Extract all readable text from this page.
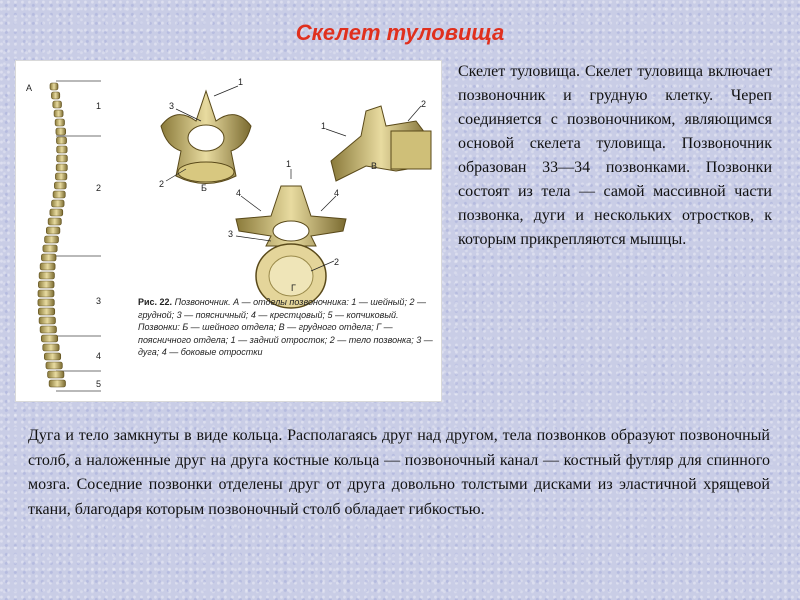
Скелет туловища
А
1
2
3
4
5
1
3
2	Б
1
2
В
1
4	4
3
2
Г
Рис. 22. Позвоночник. А — отделы позвоночника: 1 — шейный; 2 — грудной; 3 — поясничный; 4 — крестцовый; 5 — копчиковый. Позвонки: Б — шейного отдела; В — грудного отдела; Г — поясничного отдела; 1 — задний отросток; 2 — тело позвонка; 3 — дуга; 4 — боковые отростки
Скелет туловища. Скелет туловища включает позвоночник и грудную клетку. Череп соединяется с позвоночником, являющимся основой скелета туловища. Позвоночник образован 33—34 позвонками. Позвонки состоят из тела — самой массивной части позвонка, дуги и нескольких отростков, к которым прикрепляются мышцы.
Дуга и тело замкнуты в виде кольца. Располагаясь друг над другом, тела позвонков образуют позвоночный столб, а наложенные друг на друга костные кольца — позвоночный канал — костный футляр для спинного мозга. Соседние позвонки отделены друг от друга довольно толстыми дисками из эластичной хрящевой ткани, благодаря которым позвоночный столб обладает гибкостью.
